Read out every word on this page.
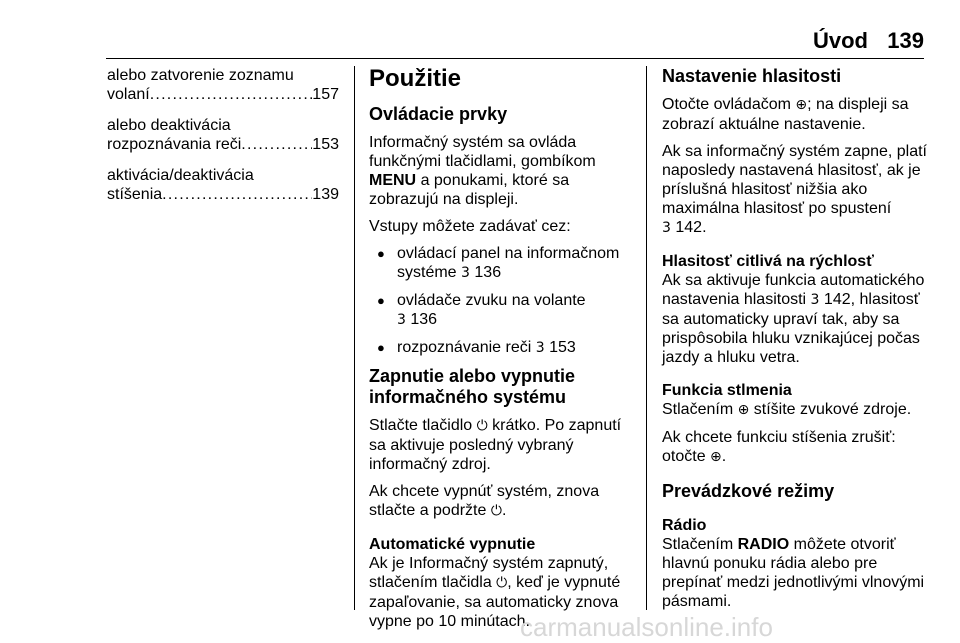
Úvod 139
alebo zatvorenie zoznamu
volaní . . .	157
alebo deaktivácia
rozpoznávania reči . . .	153
aktivácia/deaktivácia
stíšenia . . .	139
Použitie
Ovládacie prvky

Informačný systém sa ovláda funkčnými tlačidlami, gombíkom MENU a ponukami, ktoré sa zobrazujú na displeji.

Vstupy môžete zadávať cez:

● ovládací panel na informačnom systéme 3 136
● ovládače zvuku na volante
3 136
● rozpoznávanie reči 3 153
Zapnutie alebo vypnutie informačného systému

Stlačte tlačidlo ⏻ krátko. Po zapnutí sa aktivuje posledný vybraný informačný zdroj.

Ak chcete vypnúť systém, znova stlačte a podržte ⏻.

Automatické vypnutie

Ak je Informačný systém zapnutý, stlačením tlačidla ⏻, keď je vypnuté zapaľovanie, sa automaticky znova vypne po 10 minútach.

Nastavenie hlasitosti

Otočte ovládačom ⊕; na displeji sa zobrazí aktuálne nastavenie.

Ak sa informačný systém zapne, platí naposledy nastavená hlasitosť, ak je príslušná hlasitosť nižšia ako maximálna hlasitosť po spustení
3 142.

Hlasitosť citlivá na rýchlosť

Ak sa aktivuje funkcia automatického nastavenia hlasitosti 3 142, hlasitosť sa automaticky upraví tak, aby sa prispôsobila hluku vznikajúcej počas jazdy a hluku vetra.

Funkcia stlmenia

Stlačením ⊕ stíšite zvukové zdroje.

Ak chcete funkciu stíšenia zrušiť: otočte ⊕.

Prevádzkové režimy
Rádio

Stlačením RADIO môžete otvoriť hlavnú ponuku rádia alebo pre prepínať medzi jednotlivými vlnovými pásmami.

carmanualsonline.info
